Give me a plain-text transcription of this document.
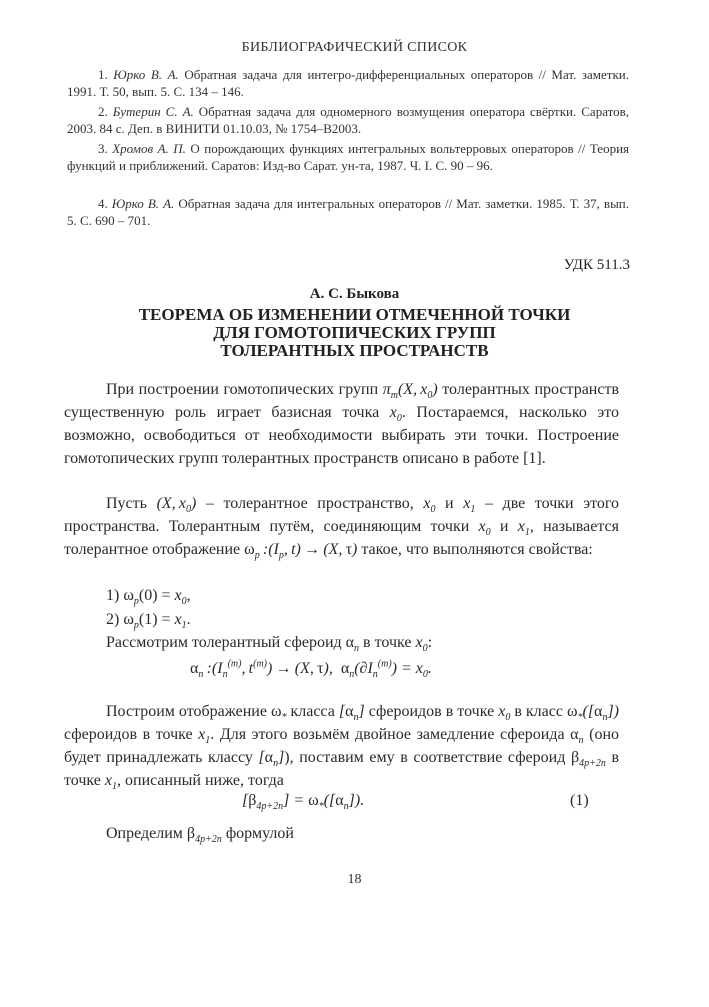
БИБЛИОГРАФИЧЕСКИЙ СПИСОК
1. Юрко В. А. Обратная задача для интегро-дифференциальных операторов // Мат. заметки. 1991. Т. 50, вып. 5. С. 134 – 146.
2. Бутерин С. А. Обратная задача для одномерного возмущения оператора свёртки. Саратов, 2003. 84 с. Деп. в ВИНИТИ 01.10.03, № 1754–В2003.
3. Хромов А. П. О порождающих функциях интегральных вольтерровых операторов // Теория функций и приближений. Саратов: Изд-во Сарат. ун-та, 1987. Ч. I. С. 90 – 96.
4. Юрко В. А. Обратная задача для интегральных операторов // Мат. заметки. 1985. Т. 37, вып. 5. С. 690 – 701.
УДК 511.3
А. С. Быкова
ТЕОРЕМА ОБ ИЗМЕНЕНИИ ОТМЕЧЕННОЙ ТОЧКИ
ДЛЯ ГОМОТОПИЧЕСКИХ ГРУПП
ТОЛЕРАНТНЫХ ПРОСТРАНСТВ
При построении гомотопических групп $\pi_m(X$, $x_0$) толерантных пространств существенную роль играет базисная точка $x_0$. Постараемся, насколько это возможно, освободиться от необходимости выбирать эти точки. Построение гомотопических групп толерантных пространств описано в работе [1].
Пусть (X, $x_0$) – толерантное пространство, $x_0$ и $x_1$ – две точки этого пространства. Толерантным путём, соединяющим точки $x_0$ и $x_1$, называется толерантное отображение $\omega_p$ $:(I_p$, t) → (X, τ) такое, что выполняются свойства:
1) $\omega_p(0) = x_0$,
2) $\omega_p(1) = x_1$.
Рассмотрим толерантный сфероид $\alpha_n$ в точке $x_0$:
$\alpha_n$ $:(I_n^{(m)}$, $t^{(m)}) \to (X$, τ), $\alpha_n(\partial I_n^{(m)}) = x_0$.
Построим отображение $\omega_*$ класса $[\alpha_n]$ сфероидов в точке $x_0$ в класс $\omega_*([\alpha_n])$ сфероидов в точке $x_1$. Для этого возьмём двойное замедление сфероида $\alpha_n$ (оно будет принадлежать классу $[\alpha_n]$), поставим ему в соответствие сфероид $\beta_{4p+2n}$ в точке $x_1$, описанный ниже, тогда
$[\beta_{4p+2n}] = \omega_*([\alpha_n])$.	(1)
Определим $\beta_{4p+2n}$ формулой
18
